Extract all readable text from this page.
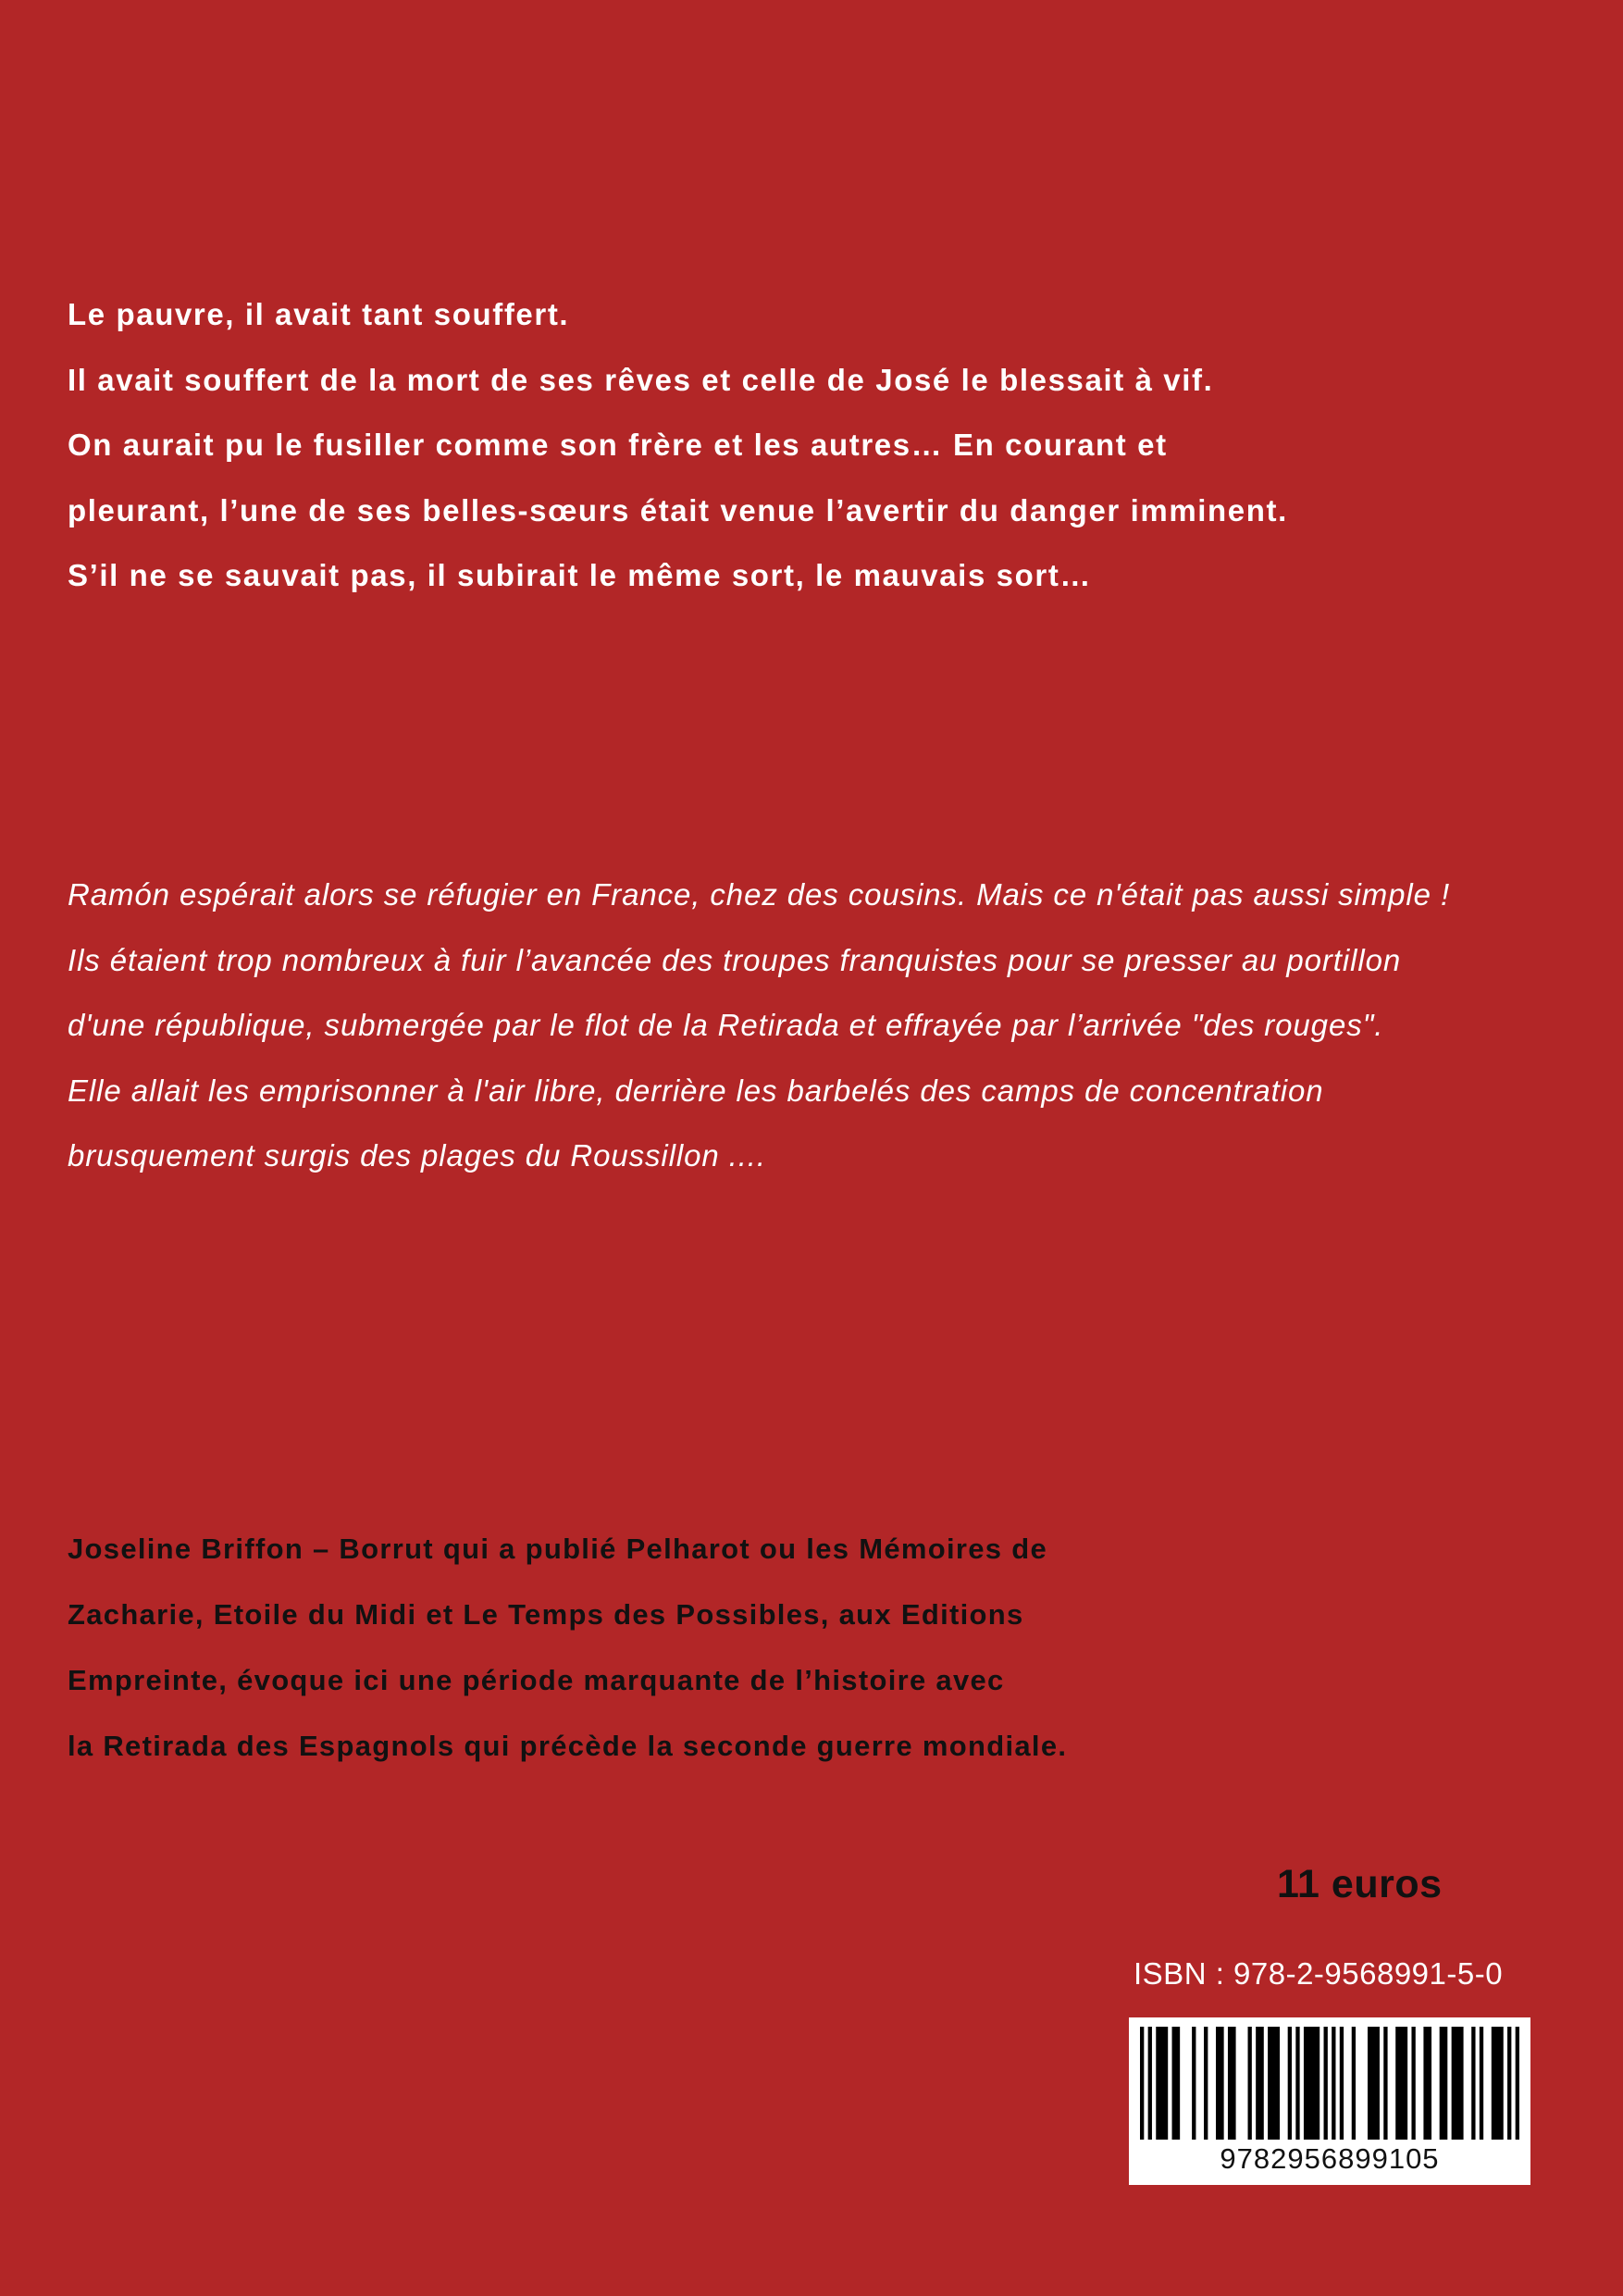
Le pauvre, il avait tant souffert.

Il avait souffert de la mort de ses rêves et celle de José le blessait à vif.

On aurait pu le fusiller comme son frère et les autres… En courant et

pleurant, l’une de ses belles-sœurs était venue l’avertir du danger imminent.

S’il ne se sauvait pas, il subirait le même sort, le mauvais sort…

Ramón espérait alors se réfugier en France, chez des cousins. Mais ce n'était pas aussi simple !

Ils étaient trop nombreux à fuir l’avancée des troupes franquistes pour se presser au portillon

d'une république, submergée par le flot de la Retirada et effrayée par l’arrivée "des rouges".

Elle allait les emprisonner à l'air libre, derrière les barbelés des camps de concentration

brusquement surgis des plages du Roussillon ....

Joseline Briffon – Borrut qui a publié Pelharot ou les Mémoires de

Zacharie, Etoile du Midi et Le Temps des Possibles, aux Editions

Empreinte, évoque ici une période marquante de l’histoire avec

la Retirada des Espagnols qui précède la seconde guerre mondiale.

11 euros

ISBN : 978-2-9568991-5-0

9782956899105
